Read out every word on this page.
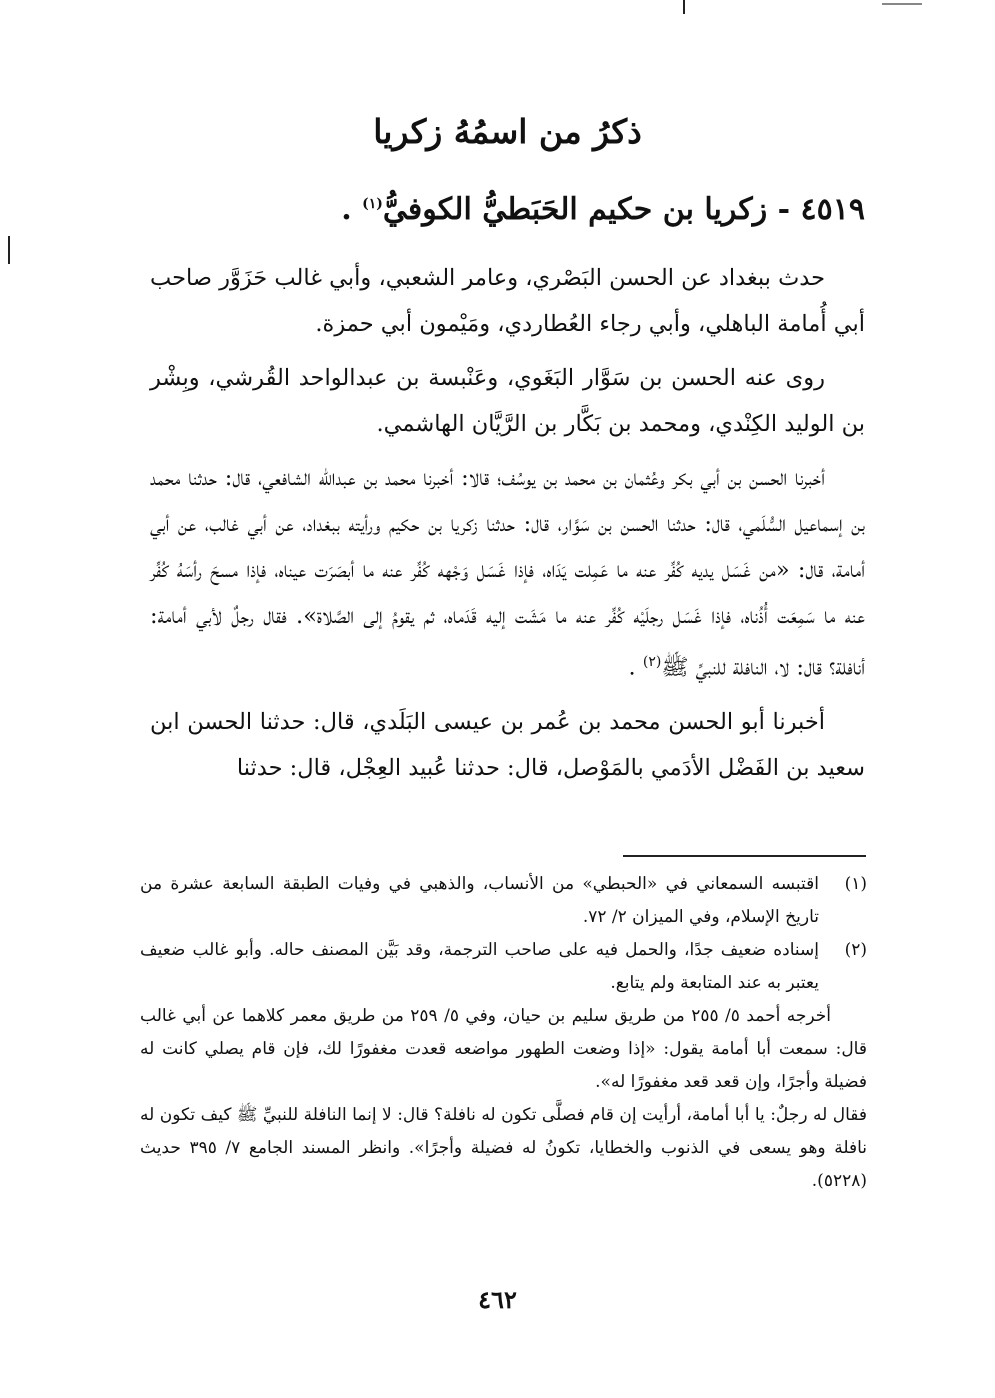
ذكرُ من اسمُهُ زكريا
٤٥١٩ - زكريا بن حكيم الحَبَطيُّ الكوفيُّ$^{(١)}$ .

حدث ببغداد عن الحسن البَصْري، وعامر الشعبي، وأبي غالب حَزَوَّر صاحب أبي أُمامة الباهلي، وأبي رجاء العُطاردي، ومَيْمون أبي حمزة.

روى عنه الحسن بن سَوَّار البَغَوي، وعَنْبسة بن عبدالواحد القُرشي، وبِشْر بن الوليد الكِنْدي، ومحمد بن بَكَّار بن الرَّيَّان الهاشمي.

أخبرنا الحسن بن أبي بكر وعُثمان بن محمد بن يوسُف؛ قالا: أخبرنا محمد بن عبدالله الشافعي، قال: حدثنا محمد بن إسماعيل السُّلَمي، قال: حدثنا الحسن بن سَوَّار، قال: حدثنا زكريا بن حكيم ورأيته ببغداد، عن أبي غالب، عن أبي أمامة، قال: «من غَسَل يديه كُفِّر عنه ما عَمِلت يَدَاه، فإذا غَسَل وَجْهه كُفِّر عنه ما أبصَرَت عيناه، فإذا مسحَ رأسَهُ كُفِّر عنه ما سَمِعَت أُذُناه، فإذا غَسَل رجلَيْه كُفِّر عنه ما مَشَت إليه قَدَماه، ثم يقومُ إلى الصَّلاة». فقال رجلٌ لأبي أمامة: أنافلة؟ قال: لا، النافلة للنبيِّ ﷺ$^{(٢)}$ .

أخبرنا أبو الحسن محمد بن عُمر بن عيسى البَلَدي، قال: حدثنا الحسن ابن سعيد بن الفَضْل الأدَمي بالمَوْصل، قال: حدثنا عُبيد العِجْل، قال: حدثنا

(١)
اقتبسه السمعاني في «الحبطي» من الأنساب، والذهبي في وفيات الطبقة السابعة عشرة من تاريخ الإسلام، وفي الميزان ٢/ ٧٢.
(٢)
إسناده ضعيف جدًا، والحمل فيه على صاحب الترجمة، وقد بَيَّن المصنف حاله. وأبو غالب ضعيف يعتبر به عند المتابعة ولم يتابع.

أخرجه أحمد ٥/ ٢٥٥ من طريق سليم بن حيان، وفي ٥/ ٢٥٩ من طريق معمر كلاهما عن أبي غالب قال: سمعت أبا أمامة يقول: «إذا وضعت الطهور مواضعه قعدت مغفورًا لك، فإن قام يصلي كانت له فضيلة وأجرًا، وإن قعد قعد مغفورًا له».

فقال له رجلٌ: يا أبا أمامة، أرأيت إن قام فصلَّى تكون له نافلة؟ قال: لا إنما النافلة للنبيِّ ﷺ كيف تكون له نافلة وهو يسعى في الذنوب والخطايا، تكونُ له فضيلة وأجرًا». وانظر المسند الجامع ٧/ ٣٩٥ حديث (٥٢٢٨).

٤٦٢
